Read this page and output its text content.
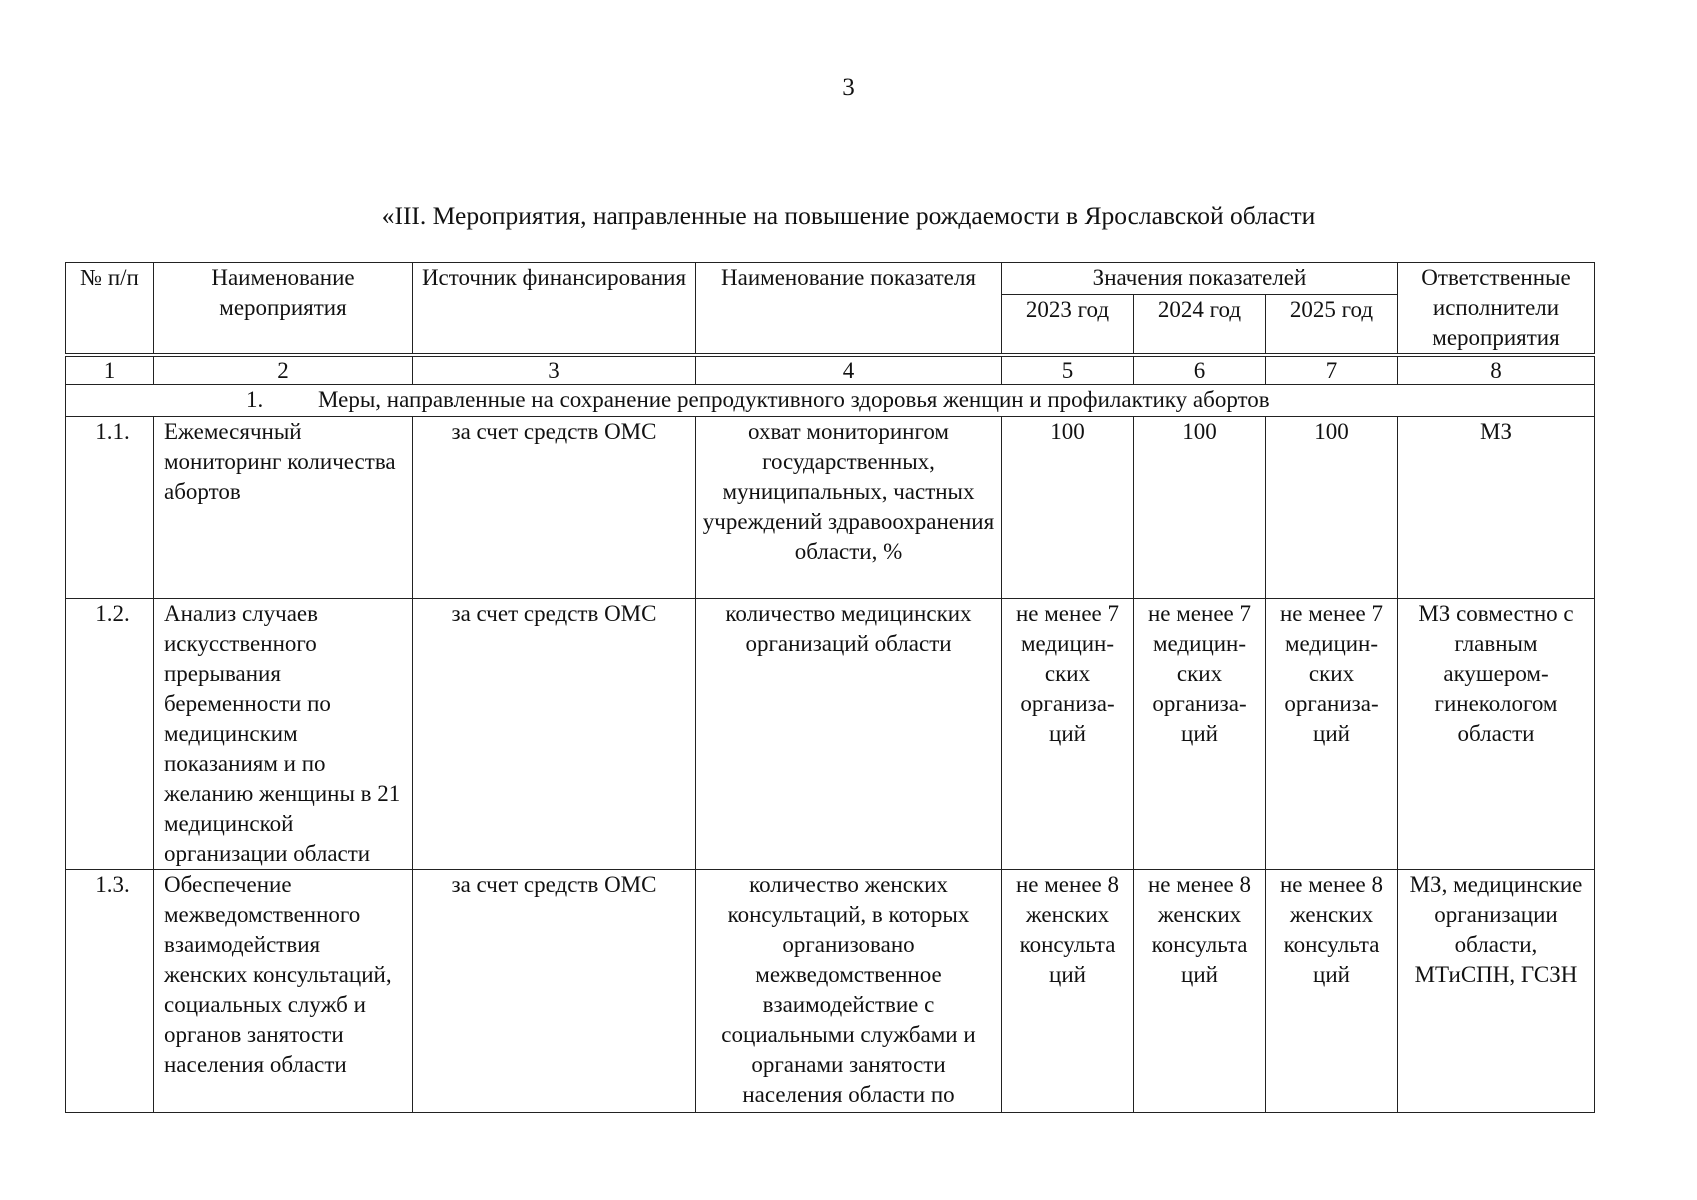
3
«III. Мероприятия, направленные на повышение рождаемости в Ярославской области
№ п/п	Наименование мероприятия	Источник финансирования	Наименование показателя	Значения показателей			Ответственные исполнители мероприятия
				2023 год	2024 год	2025 год	
1	2	3	4	5	6	7	8
1. Меры, направленные на сохранение репродуктивного здоровья женщин и профилактику абортов							
1.1.	Ежемесячный мониторинг количества абортов	за счет средств ОМС	охват мониторингом государственных, муниципальных, частных учреждений здравоохранения области, %	100	100	100	МЗ
1.2.	Анализ случаев искусственного прерывания беременности по медицинским показаниям и по желанию женщины в 21 медицинской организации области	за счет средств ОМС	количество медицинских организаций области	не менее 7 медицин-ских организа-ций	не менее 7 медицин-ских организа-ций	не менее 7 медицин-ских организа-ций	МЗ совместно с главным акушером-гинекологом области
1.3.	Обеспечение межведомственного взаимодействия женских консультаций, социальных служб и органов занятости населения области	за счет средств ОМС	количество женских консультаций, в которых организовано межведомственное взаимодействие с социальными службами и органами занятости населения области по	не менее 8 женских консульта ций	не менее 8 женских консульта ций	не менее 8 женских консульта ций	МЗ, медицинские организации области, МТиСПН, ГСЗН
